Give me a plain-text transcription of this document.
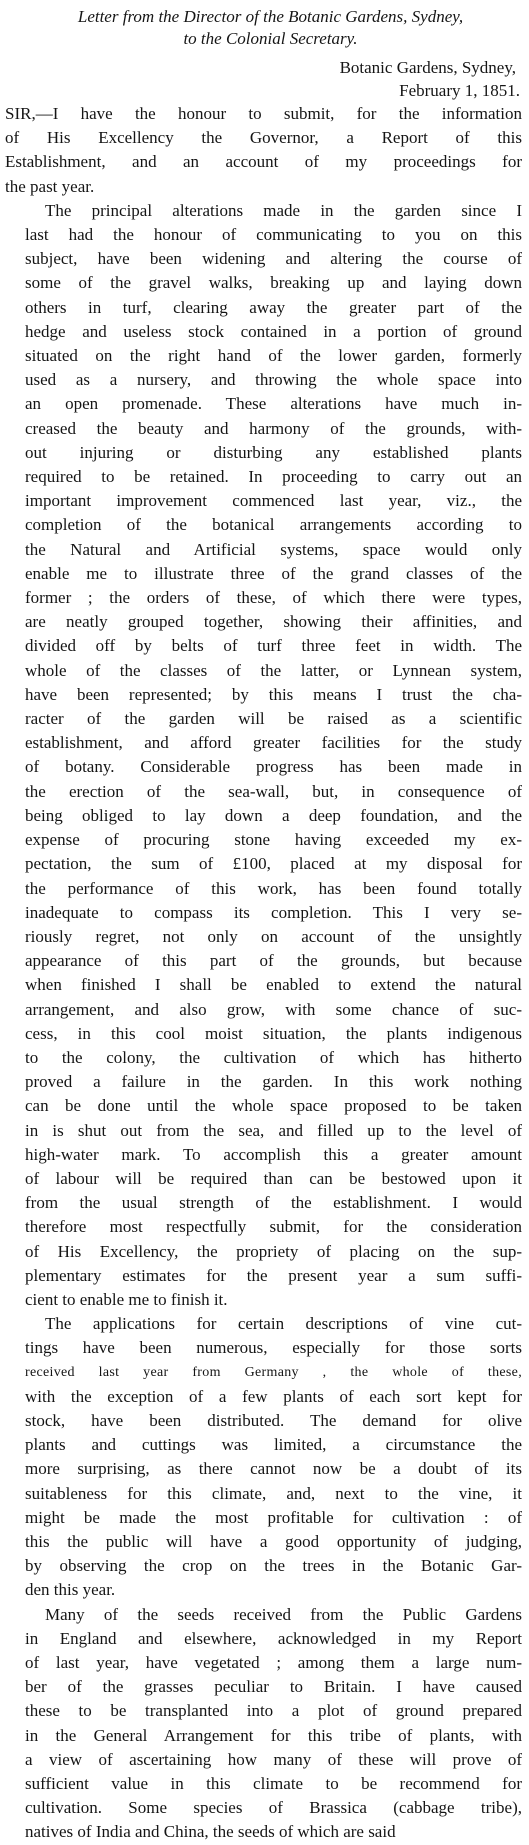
Letter from the Director of the Botanic Gardens, Sydney,
to the Colonial Secretary.
Botanic Gardens, Sydney,
February 1, 1851.
SIR,—I have the honour to submit, for the information
of His Excellency the Governor, a Report of this
Establishment, and an account of my proceedings for
the past year.
The principal alterations made in the garden since I
last had the honour of communicating to you on this
subject, have been widening and altering the course of
some of the gravel walks, breaking up and laying down
others in turf, clearing away the greater part of the
hedge and useless stock contained in a portion of ground
situated on the right hand of the lower garden, formerly
used as a nursery, and throwing the whole space into
an open promenade. These alterations have much in-
creased the beauty and harmony of the grounds, with-
out injuring or disturbing any established plants
required to be retained. In proceeding to carry out an
important improvement commenced last year, viz., the
completion of the botanical arrangements according to
the Natural and Artificial systems, space would only
enable me to illustrate three of the grand classes of the
former ; the orders of these, of which there were types,
are neatly grouped together, showing their affinities, and
divided off by belts of turf three feet in width. The
whole of the classes of the latter, or Lynnean system,
have been represented; by this means I trust the cha-
racter of the garden will be raised as a scientific
establishment, and afford greater facilities for the study
of botany. Considerable progress has been made in
the erection of the sea-wall, but, in consequence of
being obliged to lay down a deep foundation, and the
expense of procuring stone having exceeded my ex-
pectation, the sum of £100, placed at my disposal for
the performance of this work, has been found totally
inadequate to compass its completion. This I very se-
riously regret, not only on account of the unsightly
appearance of this part of the grounds, but because
when finished I shall be enabled to extend the natural
arrangement, and also grow, with some chance of suc-
cess, in this cool moist situation, the plants indigenous
to the colony, the cultivation of which has hitherto
proved a failure in the garden. In this work nothing
can be done until the whole space proposed to be taken
in is shut out from the sea, and filled up to the level of
high-water mark. To accomplish this a greater amount
of labour will be required than can be bestowed upon it
from the usual strength of the establishment. I would
therefore most respectfully submit, for the consideration
of His Excellency, the propriety of placing on the sup-
plementary estimates for the present year a sum suffi-
cient to enable me to finish it.
The applications for certain descriptions of vine cut-
tings have been numerous, especially for those sorts
received last year from Germany , the whole of these,
with the exception of a few plants of each sort kept for
stock, have been distributed. The demand for olive
plants and cuttings was limited, a circumstance the
more surprising, as there cannot now be a doubt of its
suitableness for this climate, and, next to the vine, it
might be made the most profitable for cultivation : of
this the public will have a good opportunity of judging,
by observing the crop on the trees in the Botanic Gar-
den this year.
Many of the seeds received from the Public Gardens
in England and elsewhere, acknowledged in my Report
of last year, have vegetated ; among them a large num-
ber of the grasses peculiar to Britain. I have caused
these to be transplanted into a plot of ground prepared
in the General Arrangement for this tribe of plants, with
a view of ascertaining how many of these will prove of
sufficient value in this climate to be recommend for
cultivation. Some species of Brassica (cabbage tribe),
natives of India and China, the seeds of which are said
